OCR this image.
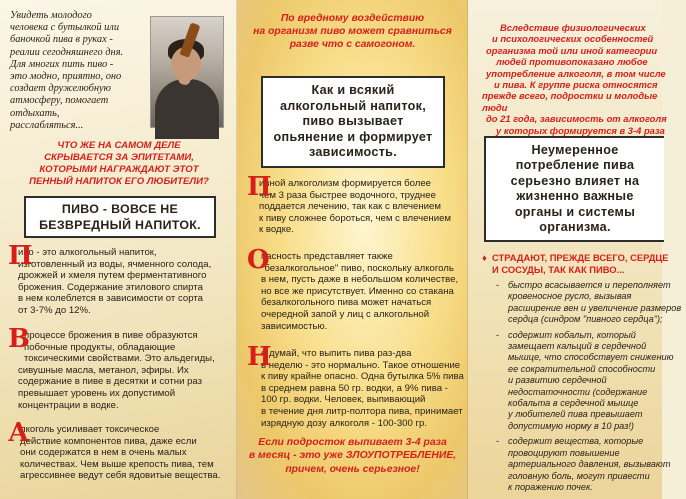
Увидеть молодого
человека с бутылкой или
баночкой пива в руках -
реалии сегодняшнего дня.
Для многих пить пиво -
это модно, приятно, оно
создает дружелюбную
атмосферу, помогает
отдыхать,
расслабляться...
ЧТО ЖЕ НА САМОМ ДЕЛЕ
СКРЫВАЕТСЯ ЗА ЭПИТЕТАМИ,
КОТОРЫМИ НАГРАЖДАЮТ ЭТОТ
ПЕННЫЙ НАПИТОК ЕГО ЛЮБИТЕЛИ?
ПИВО - ВОВСЕ НЕ
БЕЗВРЕДНЫЙ НАПИТОК.
П
иво - это алкогольный напиток,
изготовленный из воды, ячменного солода,
дрожжей и хмеля путем ферментативного
брожения. Содержание этилового спирта
в нем колеблется в зависимости от сорта
от 3-7% до 12%.
В
процессе брожения в пиве образуются
побочные продукты, обладающие
токсическими свойствами. Это альдегиды,
сивушные масла, метанол, эфиры. Их
содержание в пиве в десятки и сотни раз
превышает уровень их допустимой
концентрации в водке.
А
лкоголь усиливает токсическое
действие компонентов пива, даже если
они содержатся в нем в очень малых
количествах. Чем выше крепость пива, тем
агрессивнее ведут себя ядовитые вещества.
По вредному воздействию
на организм пиво может сравниться
разве что с самогоном.
Как и всякий
алкогольный напиток,
пиво вызывает
опьянение и формирует
зависимость.
П
ивной алкоголизм формируется более
чем 3 раза быстрее водочного, труднее
поддается лечению, так как с влечением
к пиву сложнее бороться, чем с влечением
к водке.
О
пасность представляет также
"безалкогольное" пиво, поскольку алкоголь
в нем, пусть даже в небольшом количестве,
но все же присутствует. Именно со стакана
безалкогольного пива может начаться
очередной запой у лиц с алкогольной
зависимостью.
Н
е думай, что выпить пива раз-два
в неделю - это нормально. Такое отношение
к пиву крайне опасно. Одна бутылка 5% пива
в среднем равна 50 гр. водки, а 9% пива -
100 гр. водки. Человек, выпивающий
в течение дня литр-полтора пива, принимает
изрядную дозу алкоголя - 100-300 гр.
Если подросток выпивает 3-4 раза
в месяц - это уже ЗЛОУПОТРЕБЛЕНИЕ,
причем, очень серьезное!
Вследствие физиологических
и психологических особенностей
организма той или иной категории
людей противопоказано любое
употребление алкоголя, в том числе
и пива. К группе риска относятся
прежде всего, подростки и молодые люди
до 21 года, зависимость от алкоголя
у которых формируется в 3-4 раза
Неумеренное
потребление пива
серьезно влияет на
жизненно важные
органы и системы
организма.
♦ СТРАДАЮТ, ПРЕЖДЕ ВСЕГО, СЕРДЦЕ
И СОСУДЫ, ТАК КАК ПИВО...
- быстро всасывается и переполняет
кровеносное русло, вызывая
расширение вен и увеличение размеров
сердца (синдром "пивного сердца");
- содержит кобальт, который
замещает кальций в сердечной
мышце, что способствует снижению
ее сократительной способности
и развитию сердечной
недостаточности (содержание
кобальта в сердечной мышце
у любителей пива превышает
допустимую норму в 10 раз!)
- содержит вещества, которые
провоцируют повышение
артериального давления, вызывают
головную боль, могут привести
к поражению почек.
